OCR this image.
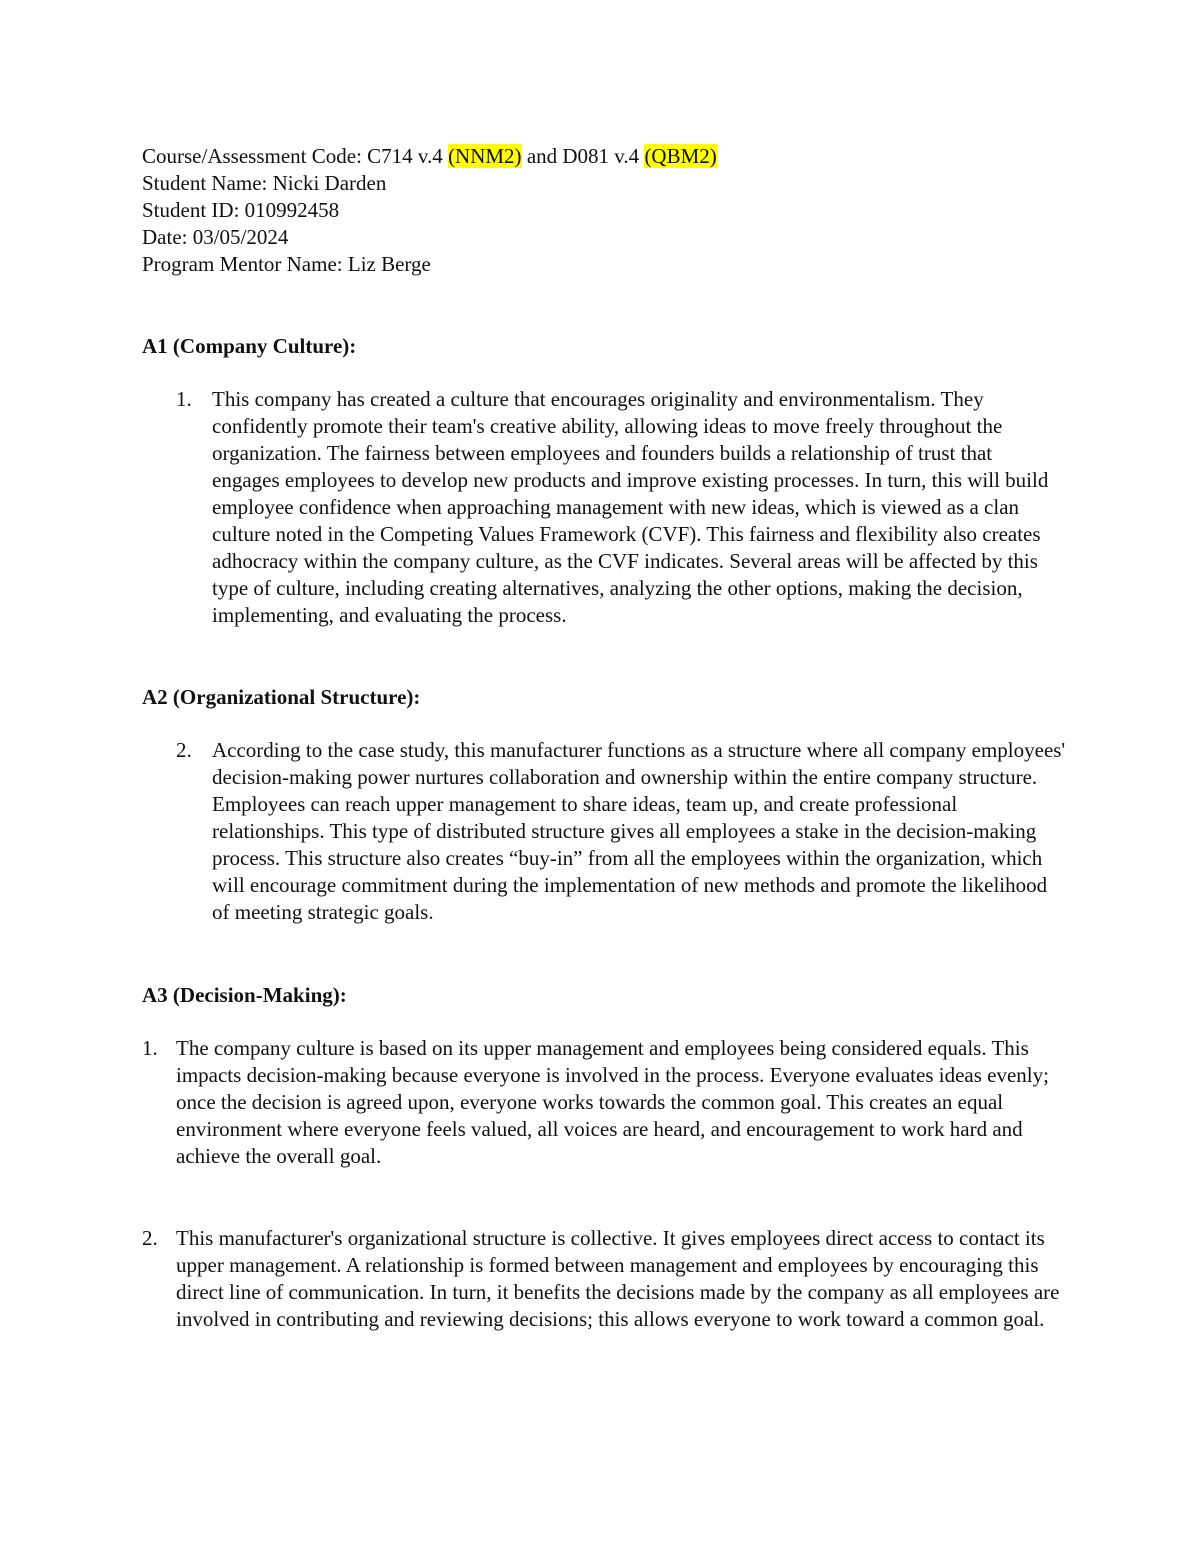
Course/Assessment Code: C714 v.4 (NNM2) and D081 v.4 (QBM2)
Student Name: Nicki Darden
Student ID: 010992458
Date: 03/05/2024
Program Mentor Name: Liz Berge
A1 (Company Culture):
1. This company has created a culture that encourages originality and environmentalism. They confidently promote their team's creative ability, allowing ideas to move freely throughout the organization. The fairness between employees and founders builds a relationship of trust that engages employees to develop new products and improve existing processes. In turn, this will build employee confidence when approaching management with new ideas, which is viewed as a clan culture noted in the Competing Values Framework (CVF). This fairness and flexibility also creates adhocracy within the company culture, as the CVF indicates. Several areas will be affected by this type of culture, including creating alternatives, analyzing the other options, making the decision, implementing, and evaluating the process.
A2 (Organizational Structure):
2. According to the case study, this manufacturer functions as a structure where all company employees' decision-making power nurtures collaboration and ownership within the entire company structure. Employees can reach upper management to share ideas, team up, and create professional relationships. This type of distributed structure gives all employees a stake in the decision-making process. This structure also creates “buy-in” from all the employees within the organization, which will encourage commitment during the implementation of new methods and promote the likelihood of meeting strategic goals.
A3 (Decision-Making):
1. The company culture is based on its upper management and employees being considered equals. This impacts decision-making because everyone is involved in the process. Everyone evaluates ideas evenly; once the decision is agreed upon, everyone works towards the common goal. This creates an equal environment where everyone feels valued, all voices are heard, and encouragement to work hard and achieve the overall goal.
2. This manufacturer's organizational structure is collective. It gives employees direct access to contact its upper management. A relationship is formed between management and employees by encouraging this direct line of communication. In turn, it benefits the decisions made by the company as all employees are involved in contributing and reviewing decisions; this allows everyone to work toward a common goal.
